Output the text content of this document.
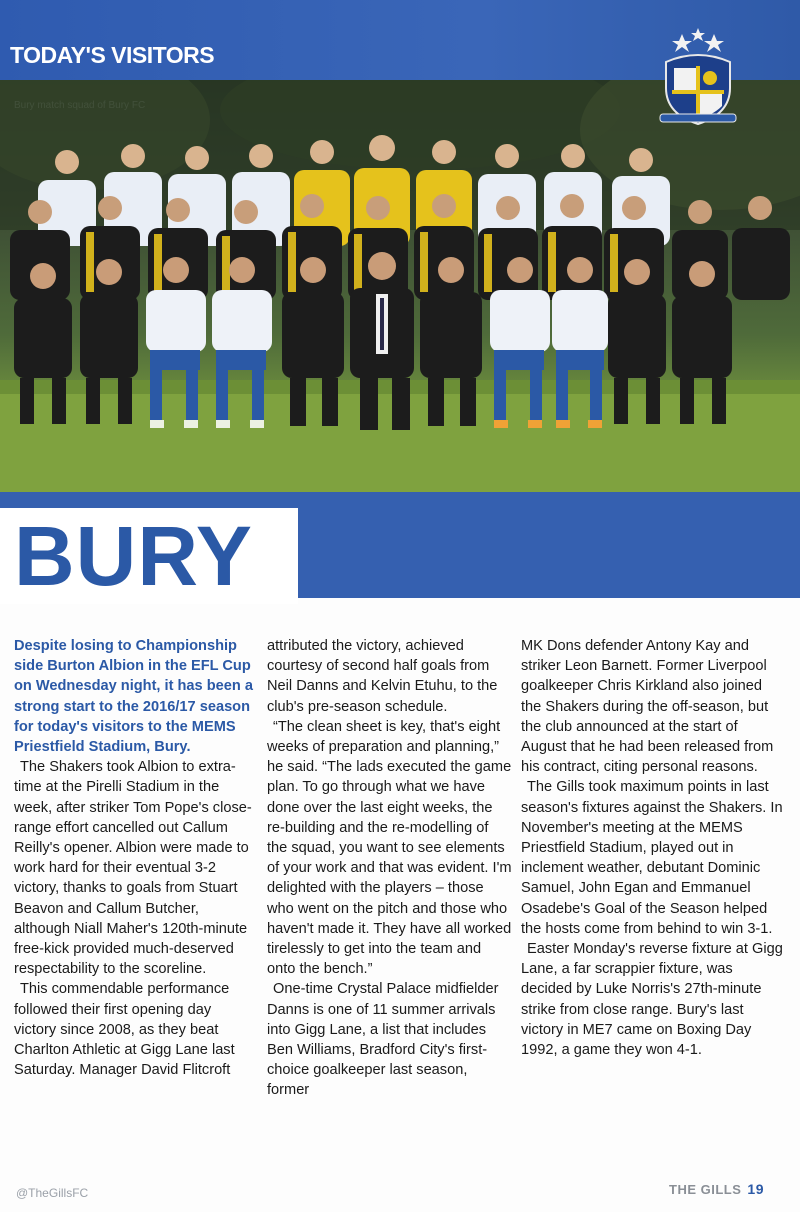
TODAY'S VISITORS
BURY

Despite losing to Championship side Burton Albion in the EFL Cup on Wednesday night, it has been a strong start to the 2016/17 season for today's visitors to the MEMS Priestfield Stadium, Bury.

The Shakers took Albion to extra-time at the Pirelli Stadium in the week, after striker Tom Pope's close-range effort cancelled out Callum Reilly's opener. Albion were made to work hard for their eventual 3-2 victory, thanks to goals from Stuart Beavon and Callum Butcher, although Niall Maher's 120th-minute free-kick provided much-deserved respectability to the scoreline.

This commendable performance followed their first opening day victory since 2008, as they beat Charlton Athletic at Gigg Lane last Saturday. Manager David Flitcroft

attributed the victory, achieved courtesy of second half goals from Neil Danns and Kelvin Etuhu, to the club's pre-season schedule.

“The clean sheet is key, that's eight weeks of preparation and planning,” he said. “The lads executed the game plan. To go through what we have done over the last eight weeks, the re-building and the re-modelling of the squad, you want to see elements of your work and that was evident. I'm delighted with the players – those who went on the pitch and those who haven't made it. They have all worked tirelessly to get into the team and onto the bench.”

One-time Crystal Palace midfielder Danns is one of 11 summer arrivals into Gigg Lane, a list that includes Ben Williams, Bradford City's first-choice goalkeeper last season, former

MK Dons defender Antony Kay and striker Leon Barnett. Former Liverpool goalkeeper Chris Kirkland also joined the Shakers during the off-season, but the club announced at the start of August that he had been released from his contract, citing personal reasons.

The Gills took maximum points in last season's fixtures against the Shakers. In November's meeting at the MEMS Priestfield Stadium, played out in inclement weather, debutant Dominic Samuel, John Egan and Emmanuel Osadebe's Goal of the Season helped the hosts come from behind to win 3-1.

Easter Monday's reverse fixture at Gigg Lane, a far scrappier fixture, was decided by Luke Norris's 27th-minute strike from close range. Bury's last victory in ME7 came on Boxing Day 1992, a game they won 4-1.

@TheGillsFC	THE GILLS 19
